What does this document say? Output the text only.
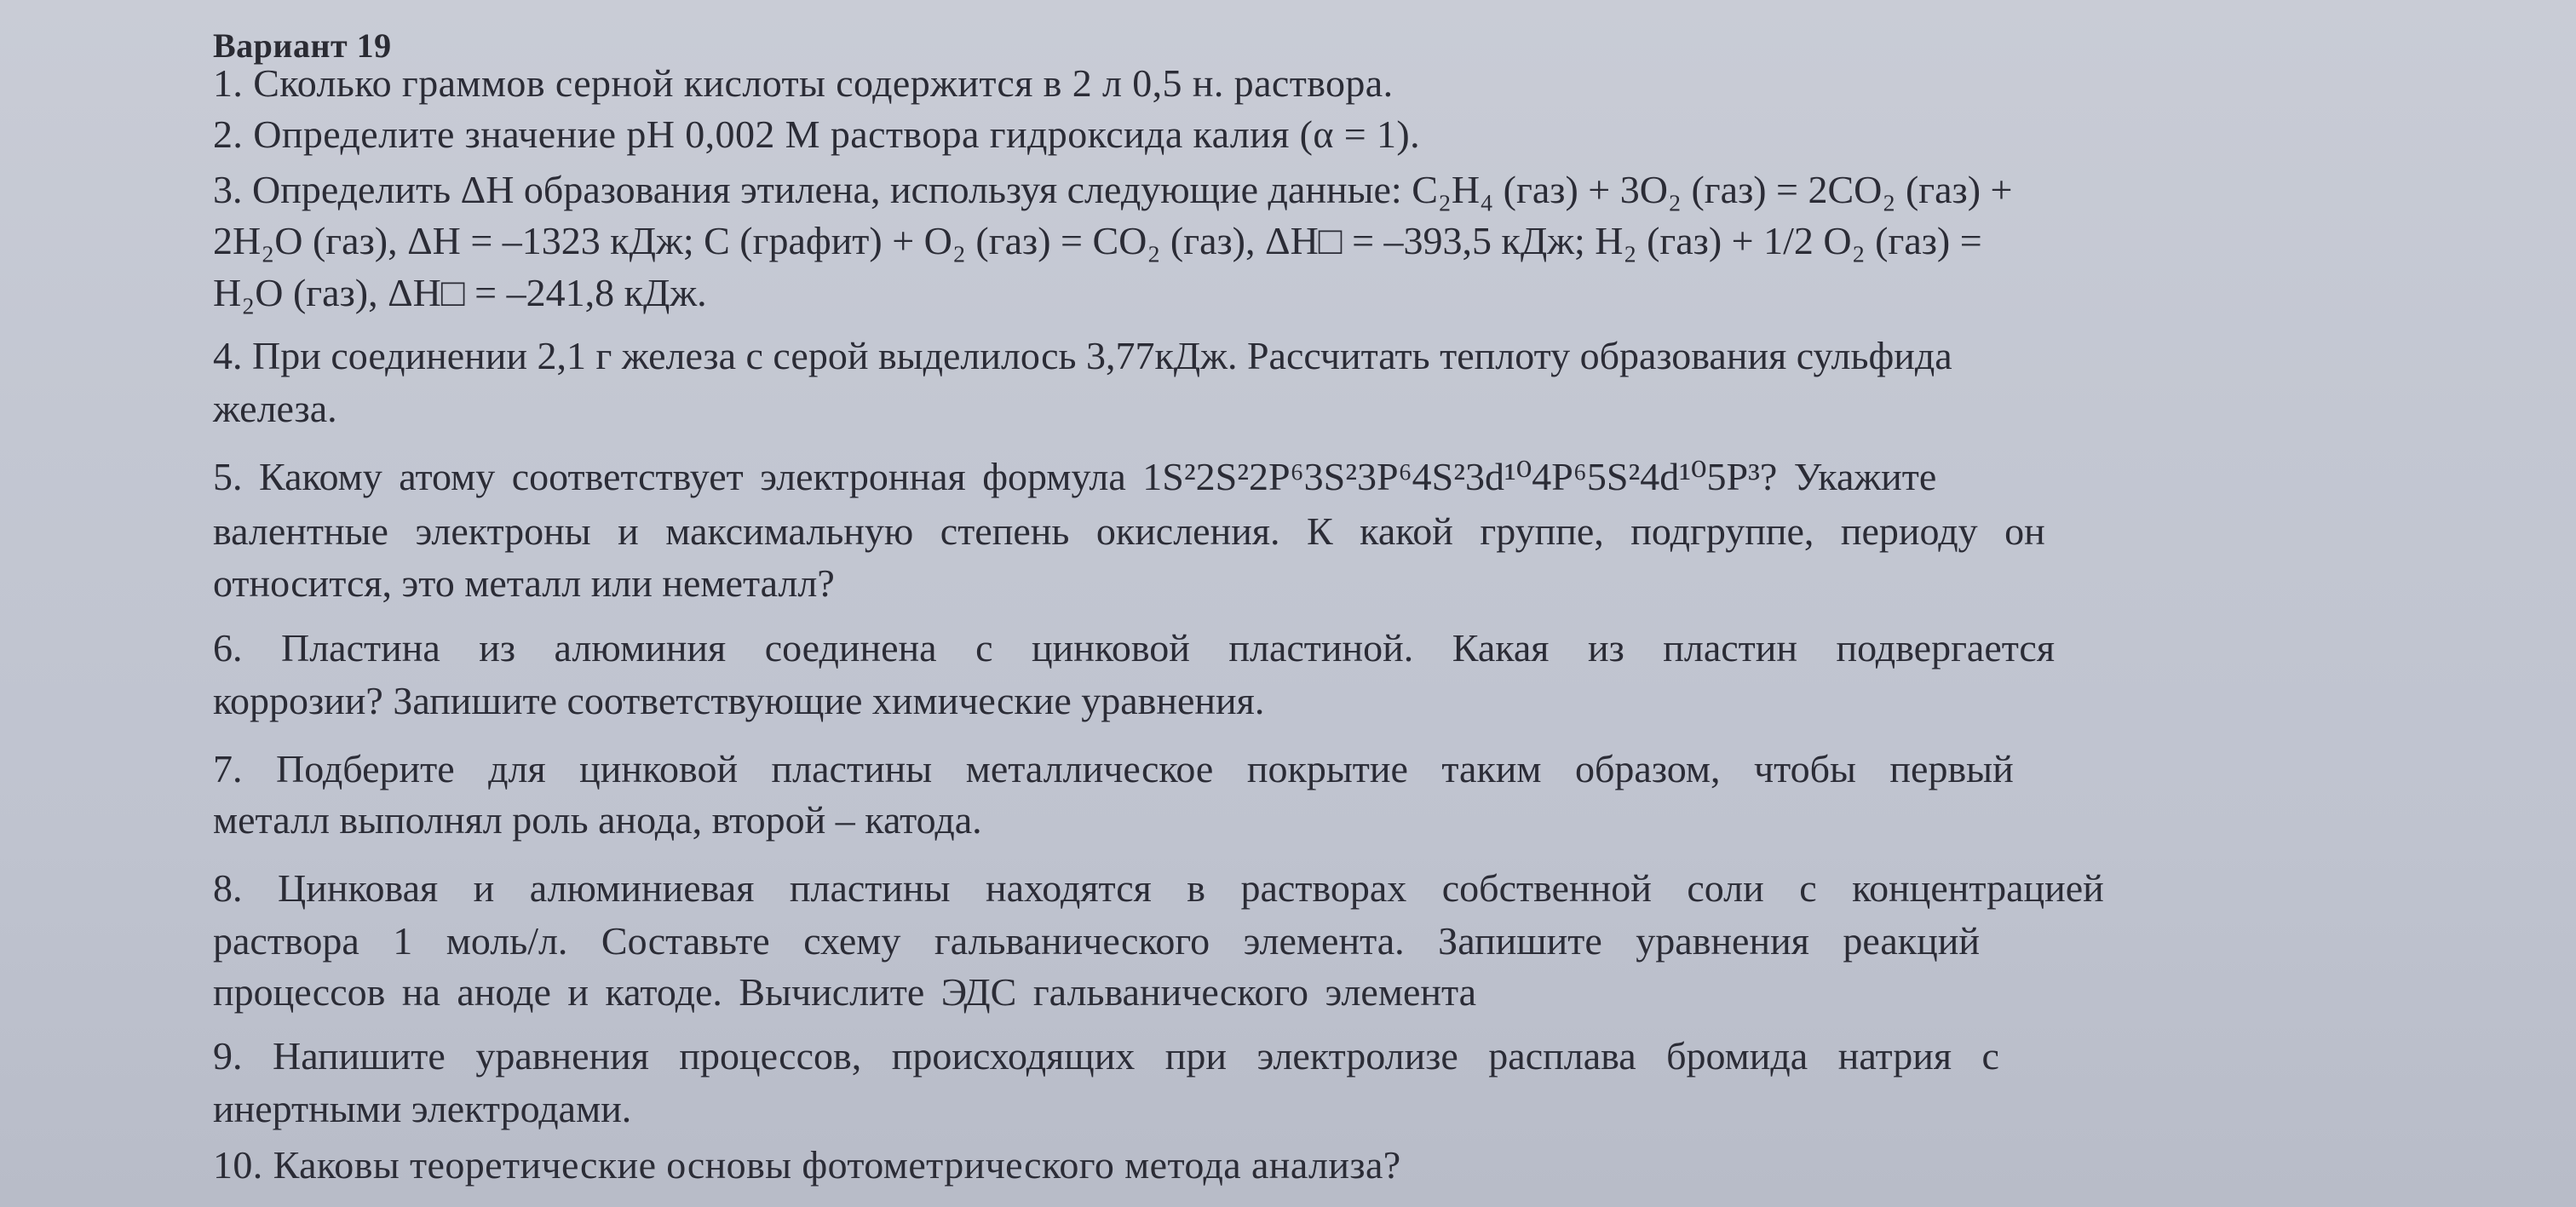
Вариант 19
1. Сколько граммов серной кислоты содержится в 2 л 0,5 н. раствора.
2. Определите значение рН 0,002 М раствора гидроксида калия (α = 1).
3. Определить ΔH образования этилена, используя следующие данные: C₂H₄ (газ) + 3O₂ (газ) = 2CO₂ (газ) +
2H₂O (газ), ΔH = –1323 кДж; С (графит) + O₂ (газ) = CO₂ (газ), ΔH□ = –393,5 кДж; H₂ (газ) + 1/2 O₂ (газ) =
H₂O (газ), ΔH□ = –241,8 кДж.
4. При соединении 2,1 г железа с серой выделилось 3,77кДж. Рассчитать теплоту образования сульфида
железа.
5. Какому атому соответствует электронная формула 1S²2S²2P⁶3S²3P⁶4S²3d¹⁰4P⁶5S²4d¹⁰5P³? Укажите
валентные электроны и максимальную степень окисления. К какой группе, подгруппе, периоду он
относится, это металл или неметалл?
6. Пластина из алюминия соединена с цинковой пластиной. Какая из пластин подвергается
коррозии? Запишите соответствующие химические уравнения.
7. Подберите для цинковой пластины металлическое покрытие таким образом, чтобы первый
металл выполнял роль анода, второй – катода.
8. Цинковая и алюминиевая пластины находятся в растворах собственной соли с концентрацией
раствора 1 моль/л. Составьте схему гальванического элемента. Запишите уравнения реакций
процессов на аноде и катоде. Вычислите ЭДС гальванического элемента
9. Напишите уравнения процессов, происходящих при электролизе расплава бромида натрия с
инертными электродами.
10. Каковы теоретические основы фотометрического метода анализа?
